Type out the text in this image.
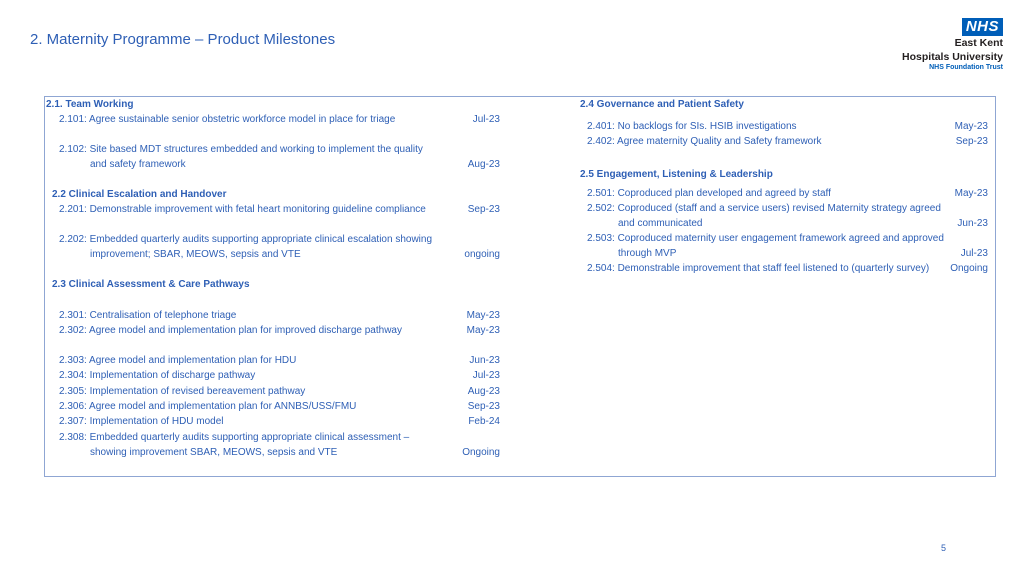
2. Maternity Programme – Product Milestones
NHS
East Kent
Hospitals University
NHS Foundation Trust
2.1. Team Working
2.101: Agree sustainable senior obstetric workforce model in place for triage	Jul-23
2.102: Site based MDT structures embedded and working to implement the quality and safety framework	Aug-23
2.2 Clinical Escalation and Handover
2.201: Demonstrable improvement with fetal heart monitoring guideline compliance	Sep-23
2.202: Embedded quarterly audits supporting appropriate clinical escalation showing improvement; SBAR, MEOWS, sepsis and VTE	ongoing
2.3 Clinical Assessment & Care Pathways
2.301: Centralisation of telephone triage	May-23
2.302: Agree model and implementation plan for improved discharge pathway	May-23
2.303: Agree model and implementation plan for HDU	Jun-23
2.304: Implementation of discharge pathway	Jul-23
2.305: Implementation of revised bereavement pathway	Aug-23
2.306: Agree model and implementation plan for ANNBS/USS/FMU	Sep-23
2.307: Implementation of HDU model	Feb-24
2.308: Embedded quarterly audits supporting appropriate clinical assessment – showing improvement SBAR, MEOWS, sepsis and VTE	Ongoing
2.4 Governance and Patient Safety
2.401: No backlogs for SIs. HSIB investigations	May-23
2.402: Agree maternity Quality and Safety framework	Sep-23
2.5 Engagement, Listening & Leadership
2.501: Coproduced plan developed and agreed by staff	May-23
2.502: Coproduced (staff and a service users) revised Maternity strategy agreed and communicated	Jun-23
2.503: Coproduced maternity user engagement framework agreed and approved through MVP	Jul-23
2.504: Demonstrable improvement that staff feel listened to (quarterly survey)	Ongoing
5
